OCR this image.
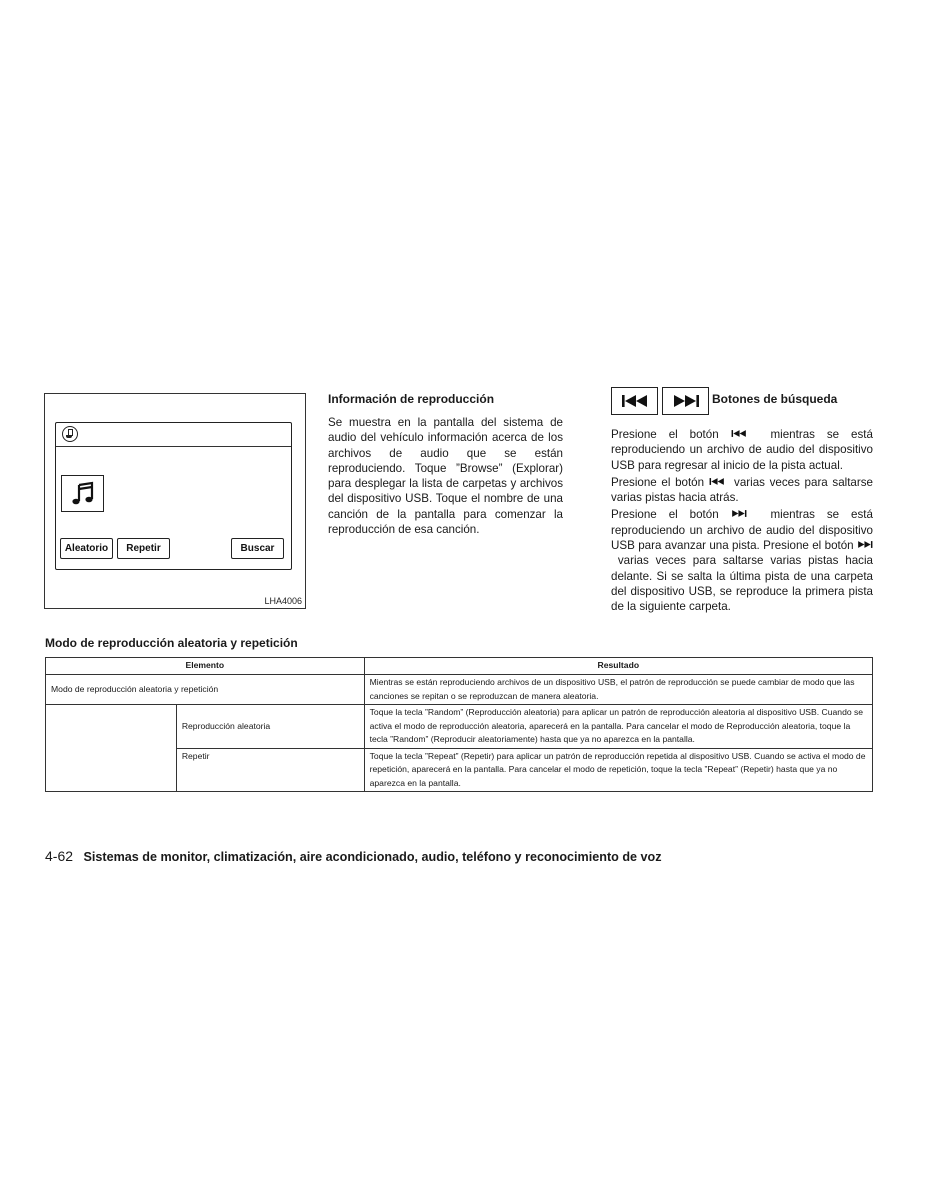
Aleatorio	Repetir	Buscar
LHA4006
Información de reproducción

Se muestra en la pantalla del sistema de audio del vehículo información acerca de los archivos de audio que se están reproduciendo. Toque ”Browse” (Explorar) para desplegar la lista de carpetas y archivos del dispositivo USB. Toque el nombre de una canción de la pantalla para comenzar la reproducción de esa canción.

Botones de búsqueda

Presione el botón	mientras se está reproduciendo un archivo de audio del dispositivo USB para regresar al inicio de la pista actual.

Presione el botón	varias veces para saltarse varias pistas hacia atrás.

Presione el botón	mientras se está reproduciendo un archivo de audio del dispositivo USB para avanzar una pista. Presione el botón   varias veces para saltarse varias pistas hacia delante. Si se salta la última pista de una carpeta del dispositivo USB, se reproduce la primera pista de la siguiente carpeta.

Modo de reproducción aleatoria y repetición
Elemento		Resultado
Modo de reproducción aleatoria y repetición		Mientras se están reproduciendo archivos de un dispositivo USB, el patrón de reproducción se puede cambiar de modo que las canciones se repitan o se reproduzcan de manera aleatoria.
	Reproducción aleatoria	Toque la tecla ”Random” (Reproducción aleatoria) para aplicar un patrón de reproducción aleatoria al dispositivo USB. Cuando se activa el modo de reproducción aleatoria, aparecerá en la pantalla. Para cancelar el modo de Reproducción aleatoria, toque la tecla ”Random” (Reproducir aleatoriamente) hasta que ya no aparezca en la pantalla.
	Repetir	Toque la tecla ”Repeat” (Repetir) para aplicar un patrón de reproducción repetida al dispositivo USB. Cuando se activa el modo de repetición, aparecerá en la pantalla. Para cancelar el modo de repetición, toque la tecla ”Repeat” (Repetir) hasta que ya no aparezca en la pantalla.
4-62 Sistemas de monitor, climatización, aire acondicionado, audio, teléfono y reconocimiento de voz
